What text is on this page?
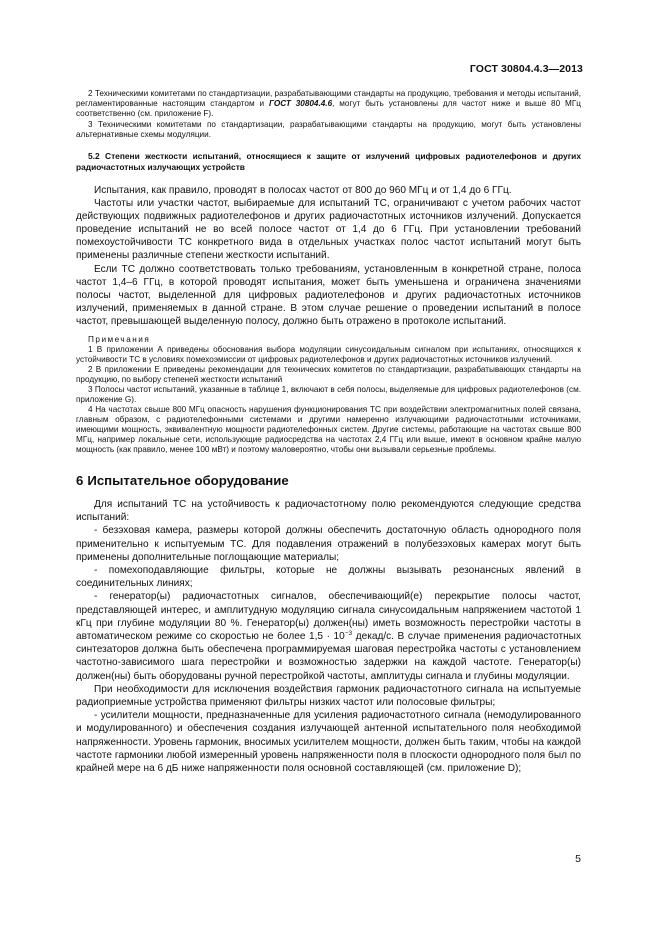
ГОСТ 30804.4.3—2013

2 Техническими комитетами по стандартизации, разрабатывающими стандарты на продукцию, требования и методы испытаний, регламентированные настоящим стандартом и ГОСТ 30804.4.6, могут быть установлены для частот ниже и выше 80 МГц соответственно (см. приложение F).

3 Техническими комитетами по стандартизации, разрабатывающими стандарты на продукцию, могут быть установлены альтернативные схемы модуляции.

5.2 Степени жесткости испытаний, относящиеся к защите от излучений цифровых радиотелефонов и других радиочастотных излучающих устройств

Испытания, как правило, проводят в полосах частот от 800 до 960 МГц и от 1,4 до 6 ГГц.

Частоты или участки частот, выбираемые для испытаний ТС, ограничивают с учетом рабочих частот действующих подвижных радиотелефонов и других радиочастотных источников излучений. Допускается проведение испытаний не во всей полосе частот от 1,4 до 6 ГГц. При установлении требований помехоустойчивости ТС конкретного вида в отдельных участках полос частот испытаний могут быть применены различные степени жесткости испытаний.

Если ТС должно соответствовать только требованиям, установленным в конкретной стране, полоса частот 1,4–6 ГГц, в которой проводят испытания, может быть уменьшена и ограничена значениями полосы частот, выделенной для цифровых радиотелефонов и других радиочастотных источников излучений, применяемых в данной стране. В этом случае решение о проведении испытаний в полосе частот, превышающей выделенную полосу, должно быть отражено в протоколе испытаний.

Примечания

1 В приложении А приведены обоснования выбора модуляции синусоидальным сигналом при испытаниях, относящихся к устойчивости ТС в условиях помехоэмиссии от цифровых радиотелефонов и других радиочастотных источников излучений.

2 В приложении Е приведены рекомендации для технических комитетов по стандартизации, разрабатывающих стандарты на продукцию, по выбору степеней жесткости испытаний

3 Полосы частот испытаний, указанные в таблице 1, включают в себя полосы, выделяемые для цифровых радиотелефонов (см. приложение G).

4 На частотах свыше 800 МГц опасность нарушения функционирования ТС при воздействии электромагнитных полей связана, главным образом, с радиотелефонными системами и другими намеренно излучающими радиочастотными источниками, имеющими мощность, эквивалентную мощности радиотелефонных систем. Другие системы, работающие на частотах свыше 800 МГц, например локальные сети, использующие радиосредства на частотах 2,4 ГГц или выше, имеют в основном крайне малую мощность (как правило, менее 100 мВт) и поэтому маловероятно, чтобы они вызывали серьезные проблемы.

6 Испытательное оборудование

Для испытаний ТС на устойчивость к радиочастотному полю рекомендуются следующие средства испытаний:

- безэховая камера, размеры которой должны обеспечить достаточную область однородного поля применительно к испытуемым ТС. Для подавления отражений в полубезэховых камерах могут быть применены дополнительные поглощающие материалы;

- помехоподавляющие фильтры, которые не должны вызывать резонансных явлений в соединительных линиях;

- генератор(ы) радиочастотных сигналов, обеспечивающий(е) перекрытие полосы частот, представляющей интерес, и амплитудную модуляцию сигнала синусоидальным напряжением частотой 1 кГц при глубине модуляции 80 %. Генератор(ы) должен(ны) иметь возможность перестройки частоты в автоматическом режиме со скоростью не более $1,5 \cdot 10^{-3}$ декад/с. В случае применения радиочастотных синтезаторов должна быть обеспечена программируемая шаговая перестройка частоты с установлением частотно-зависимого шага перестройки и возможностью задержки на каждой частоте. Генератор(ы) должен(ны) быть оборудованы ручной перестройкой частоты, амплитуды сигнала и глубины модуляции.

При необходимости для исключения воздействия гармоник радиочастотного сигнала на испытуемые радиоприемные устройства применяют фильтры низких частот или полосовые фильтры;

- усилители мощности, предназначенные для усиления радиочастотного сигнала (немодулированного и модулированного) и обеспечения создания излучающей антенной испытательного поля необходимой напряженности. Уровень гармоник, вносимых усилителем мощности, должен быть таким, чтобы на каждой частоте гармоники любой измеренный уровень напряженности поля в плоскости однородного поля был по крайней мере на 6 дБ ниже напряженности поля основной составляющей (см. приложение D);

5
